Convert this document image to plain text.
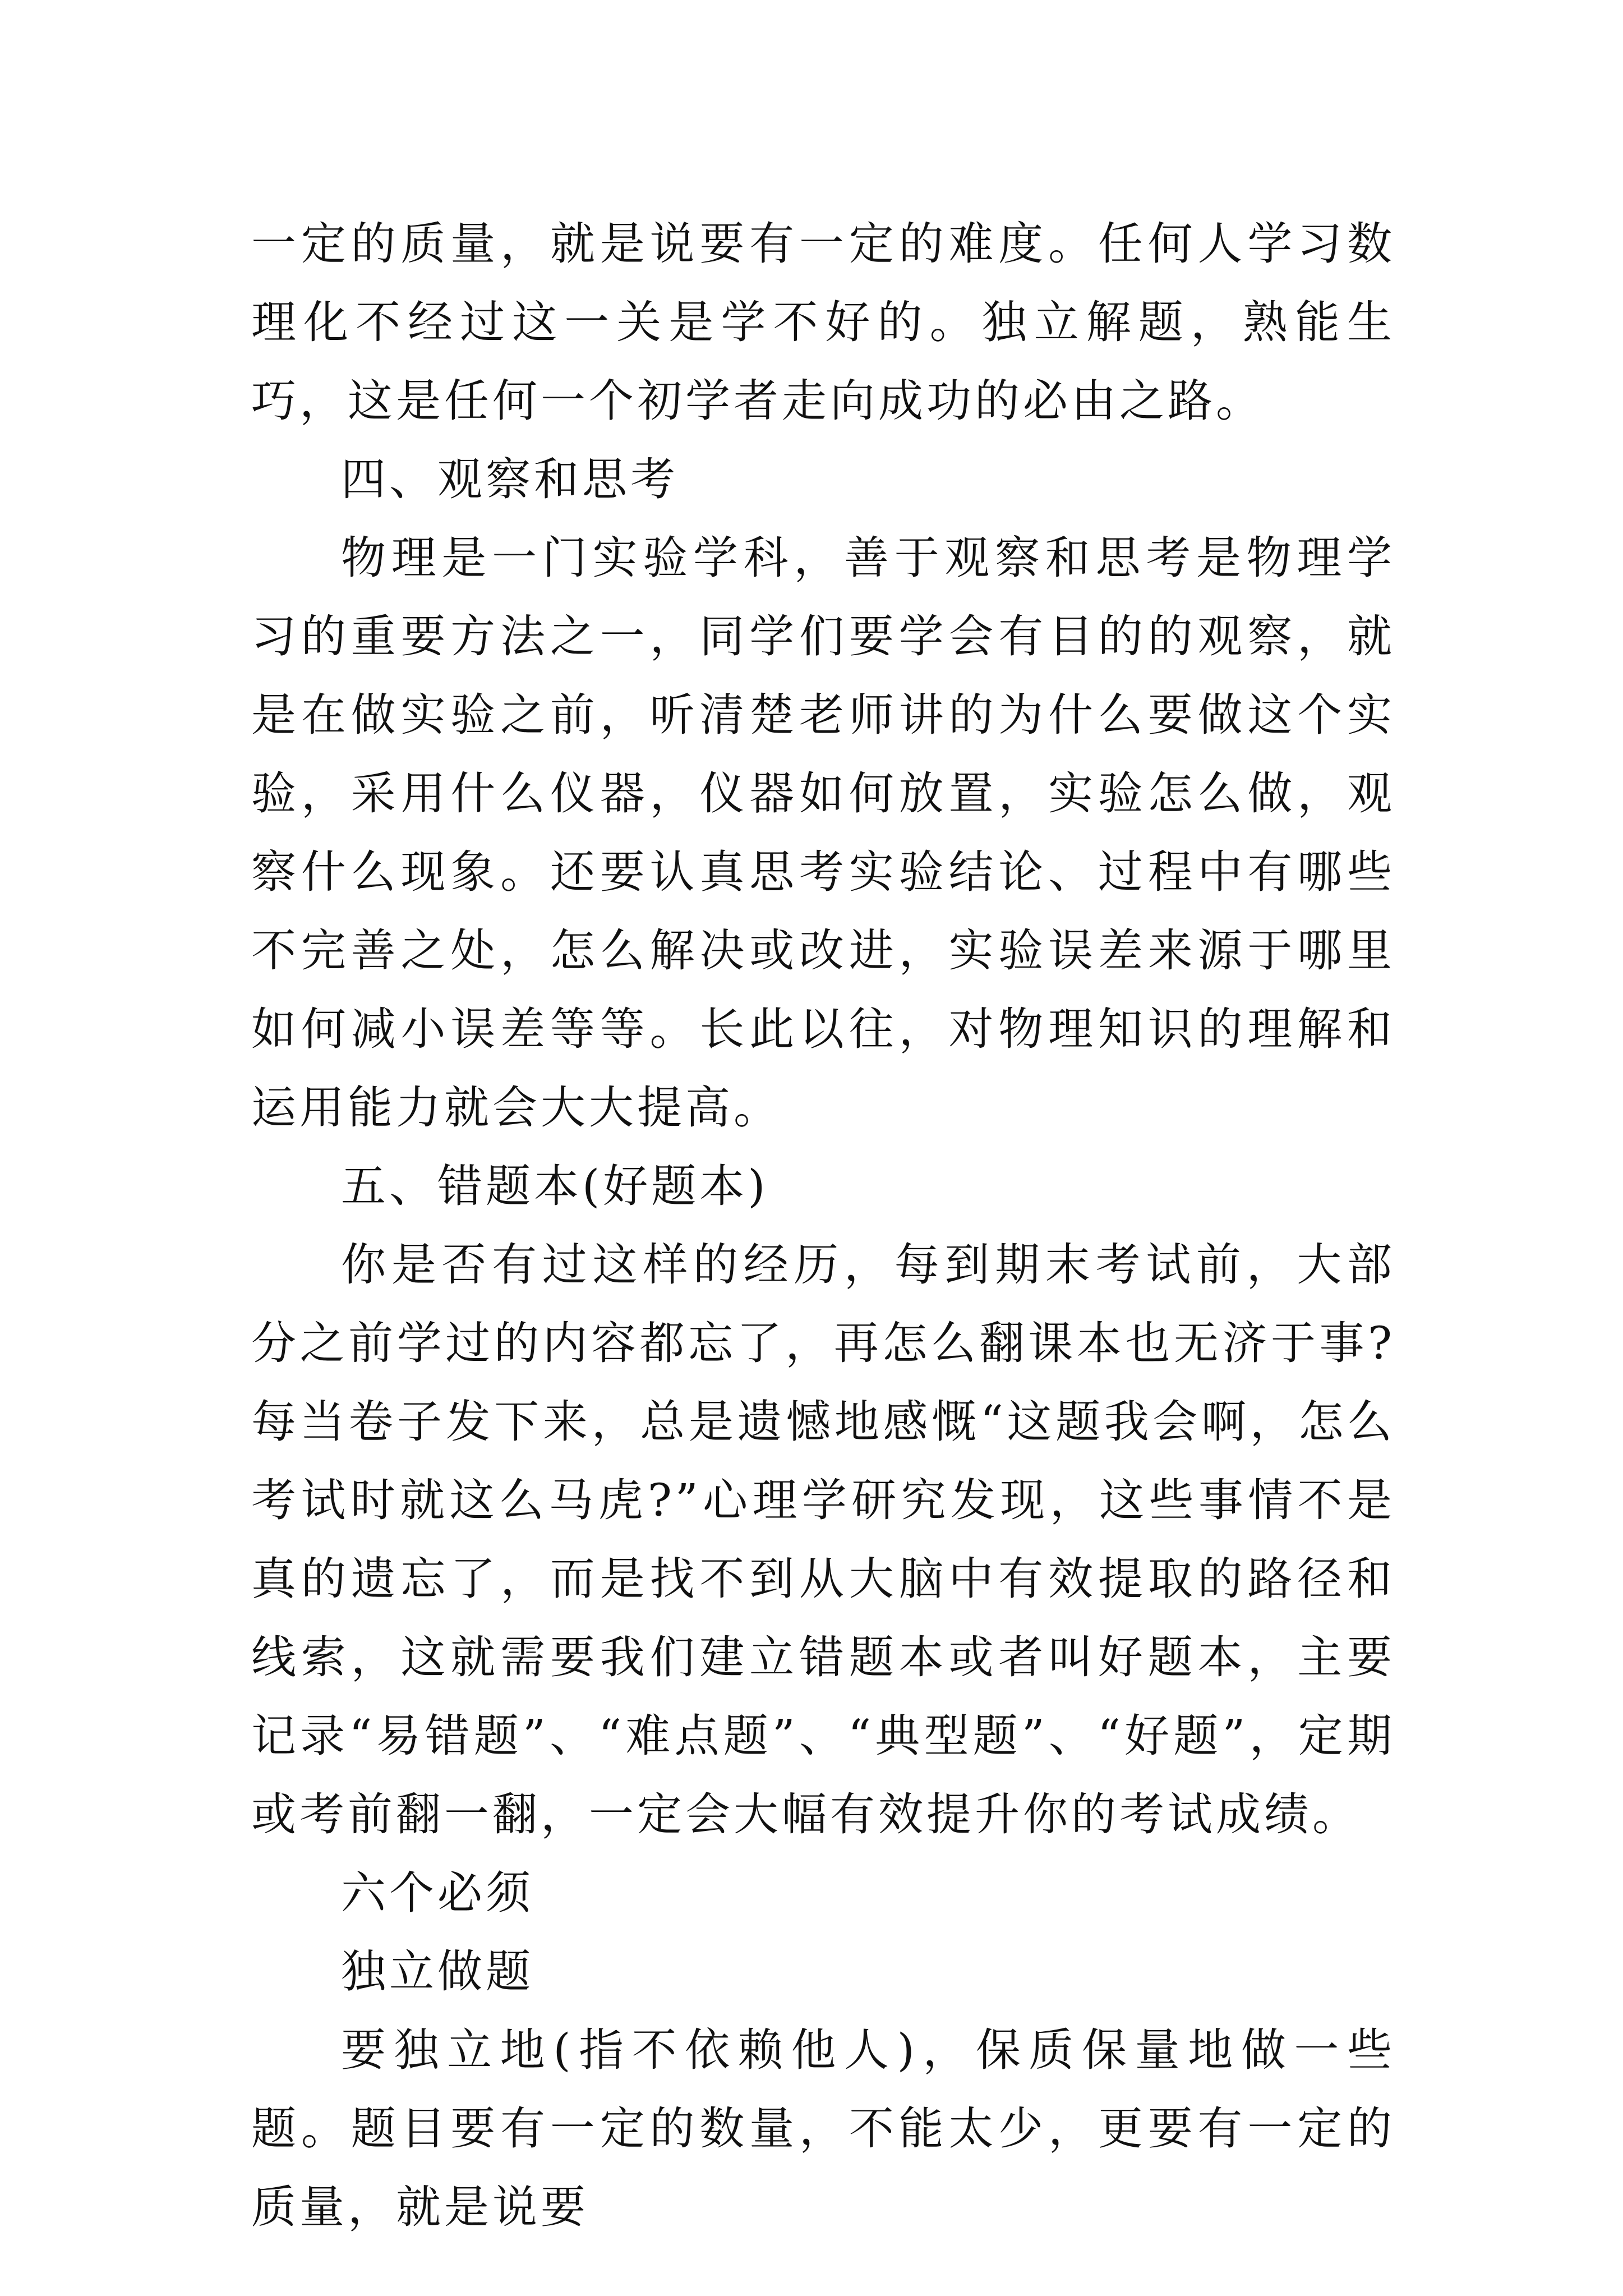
一定的质量，就是说要有一定的难度。任何人学习数理化不经过这一关是学不好的。独立解题，熟能生巧，这是任何一个初学者走向成功的必由之路。

四、观察和思考

物理是一门实验学科，善于观察和思考是物理学习的重要方法之一，同学们要学会有目的的观察，就是在做实验之前，听清楚老师讲的为什么要做这个实验，采用什么仪器，仪器如何放置，实验怎么做，观察什么现象。还要认真思考实验结论、过程中有哪些不完善之处，怎么解决或改进，实验误差来源于哪里如何减小误差等等。长此以往，对物理知识的理解和运用能力就会大大提高。

五、错题本(好题本)

你是否有过这样的经历，每到期末考试前，大部分之前学过的内容都忘了，再怎么翻课本也无济于事?每当卷子发下来，总是遗憾地感慨“这题我会啊，怎么考试时就这么马虎?”心理学研究发现，这些事情不是真的遗忘了，而是找不到从大脑中有效提取的路径和线索，这就需要我们建立错题本或者叫好题本，主要记录“易错题”、“难点题”、“典型题”、“好题”，定期或考前翻一翻，一定会大幅有效提升你的考试成绩。

六个必须

独立做题

要独立地(指不依赖他人)，保质保量地做一些题。题目要有一定的数量，不能太少，更要有一定的质量，就是说要
